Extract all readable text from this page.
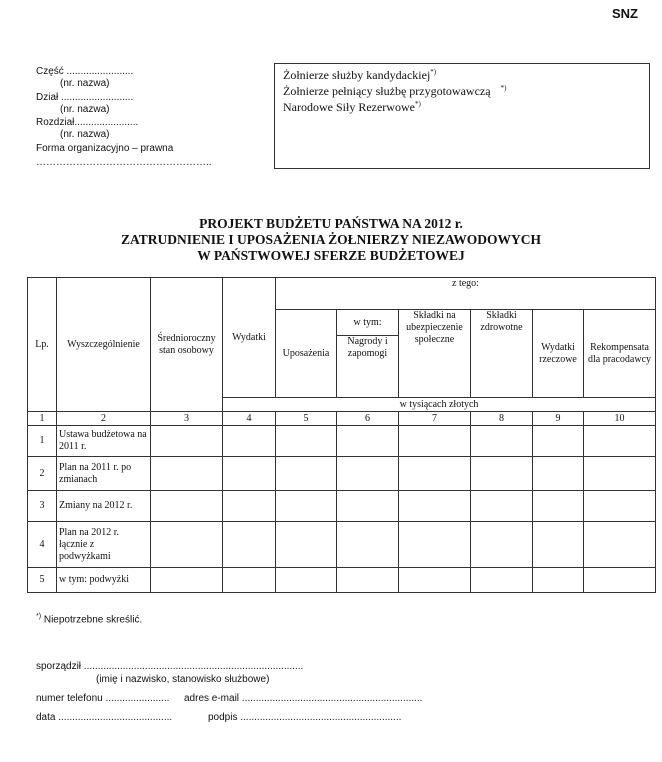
SNZ
Część ........................
(nr. nazwa)
Dział ..........................
(nr. nazwa)
Rozdział.......................
(nr. nazwa)
Forma organizacyjno – prawna
……………………………………………..
Żołnierze służby kandydackiej*)
Żołnierze pełniący służbę przygotowawczą *)
Narodowe Siły Rezerwowe*)
PROJEKT BUDŻETU PAŃSTWA NA 2012 r.
ZATRUDNIENIE I UPOSAŻENIA ŻOŁNIERZY NIEZAWODOWYCH
W PAŃSTWOWEJ SFERZE BUDŻETOWEJ
Lp.	Wyszczególnienie	Średnioroczny stan osobowy	Wydatki	z tego:					
				Uposażenia	w tym:	Składki na ubezpieczenie społeczne	Składki zdrowotne	Wydatki rzeczowe	Rekompensata dla pracodawcy
					Nagrody i zapomogi				
			w tysiącach złotych						
1	2	3	4	5	6	7	8	9	10
1	Ustawa budżetowa na 2011 r.								
2	Plan na 2011 r. po zmianach								
3	Zmiany na 2012 r.								
4	Plan na 2012 r. łącznie z podwyżkami								
5	w tym: podwyżki								
*) Niepotrzebne skreślić.
sporządził ...............................................................................
(imię i nazwisko, stanowisko służbowe)
numer telefonu ....................... adres e-mail .................................................................
data .........................................	podpis ..........................................................
